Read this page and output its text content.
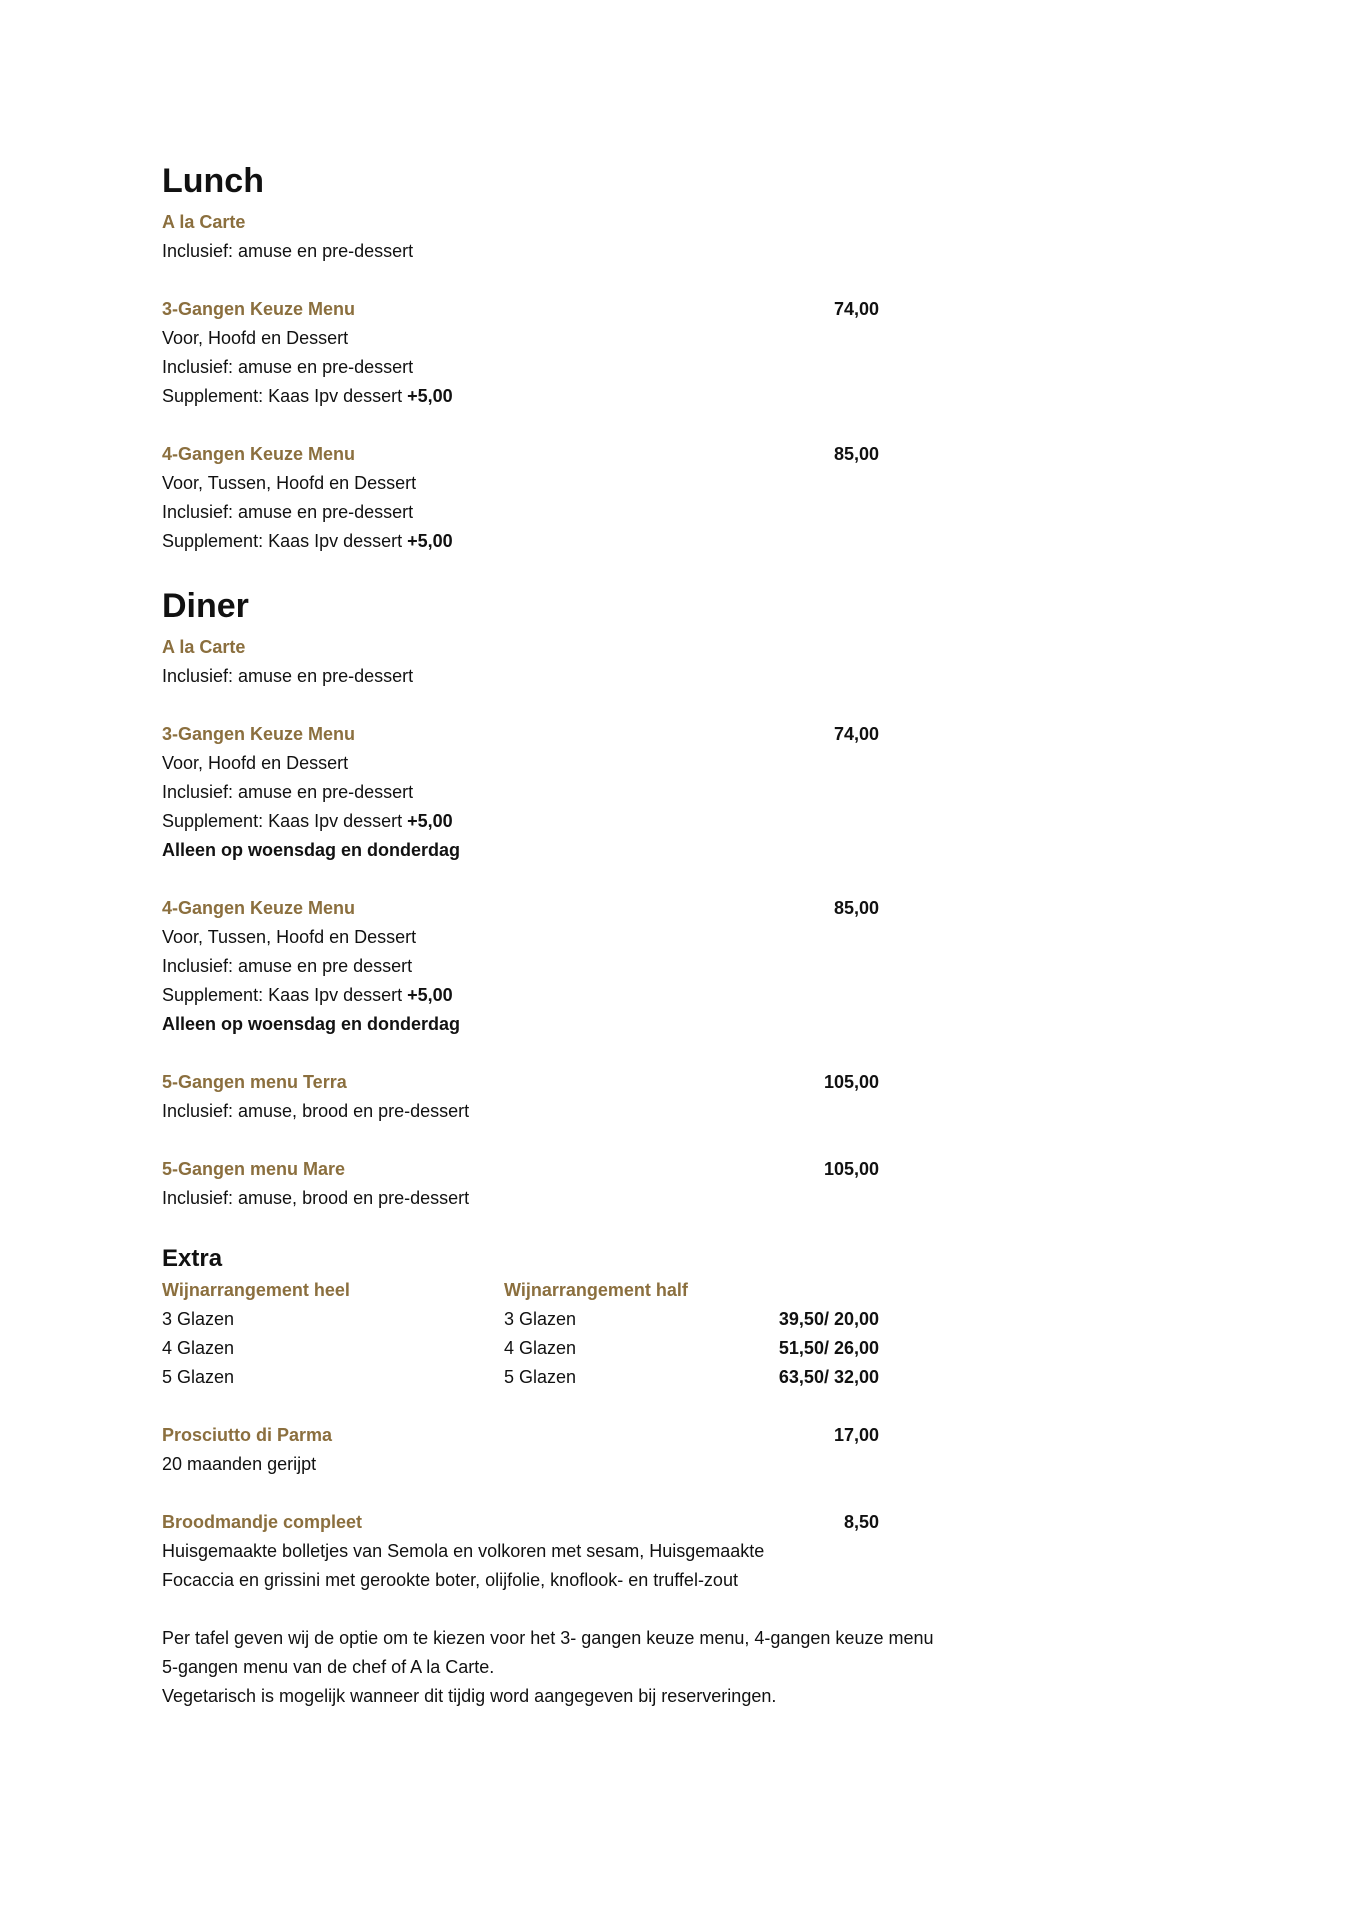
Lunch
A la Carte
Inclusief: amuse en pre-dessert
3-Gangen Keuze Menu	74,00
Voor, Hoofd en Dessert
Inclusief: amuse en pre-dessert
Supplement: Kaas Ipv dessert +5,00
4-Gangen Keuze Menu	85,00
Voor, Tussen, Hoofd en Dessert
Inclusief: amuse en pre-dessert
Supplement: Kaas Ipv dessert +5,00
Diner
A la Carte
Inclusief: amuse en pre-dessert
3-Gangen Keuze Menu	74,00
Voor, Hoofd en Dessert
Inclusief: amuse en pre-dessert
Supplement: Kaas Ipv dessert +5,00
Alleen op woensdag en donderdag
4-Gangen Keuze Menu	85,00
Voor, Tussen, Hoofd en Dessert
Inclusief: amuse en pre dessert
Supplement: Kaas Ipv dessert +5,00
Alleen op woensdag en donderdag
5-Gangen menu Terra	105,00
Inclusief: amuse, brood en pre-dessert
5-Gangen menu Mare	105,00
Inclusief: amuse, brood en pre-dessert
Extra
Wijnarrangement heel	Wijnarrangement half
3 Glazen	3 Glazen	39,50/ 20,00
4 Glazen	4 Glazen	51,50/ 26,00
5 Glazen	5 Glazen	63,50/ 32,00
Prosciutto di Parma	17,00
20 maanden gerijpt
Broodmandje compleet	8,50
Huisgemaakte bolletjes van Semola en volkoren met sesam, Huisgemaakte
Focaccia en grissini met gerookte boter, olijfolie, knoflook- en truffel-zout
Per tafel geven wij de optie om te kiezen voor het 3- gangen keuze menu, 4-gangen keuze menu
5-gangen menu van de chef of A la Carte.
Vegetarisch is mogelijk wanneer dit tijdig word aangegeven bij reserveringen.
